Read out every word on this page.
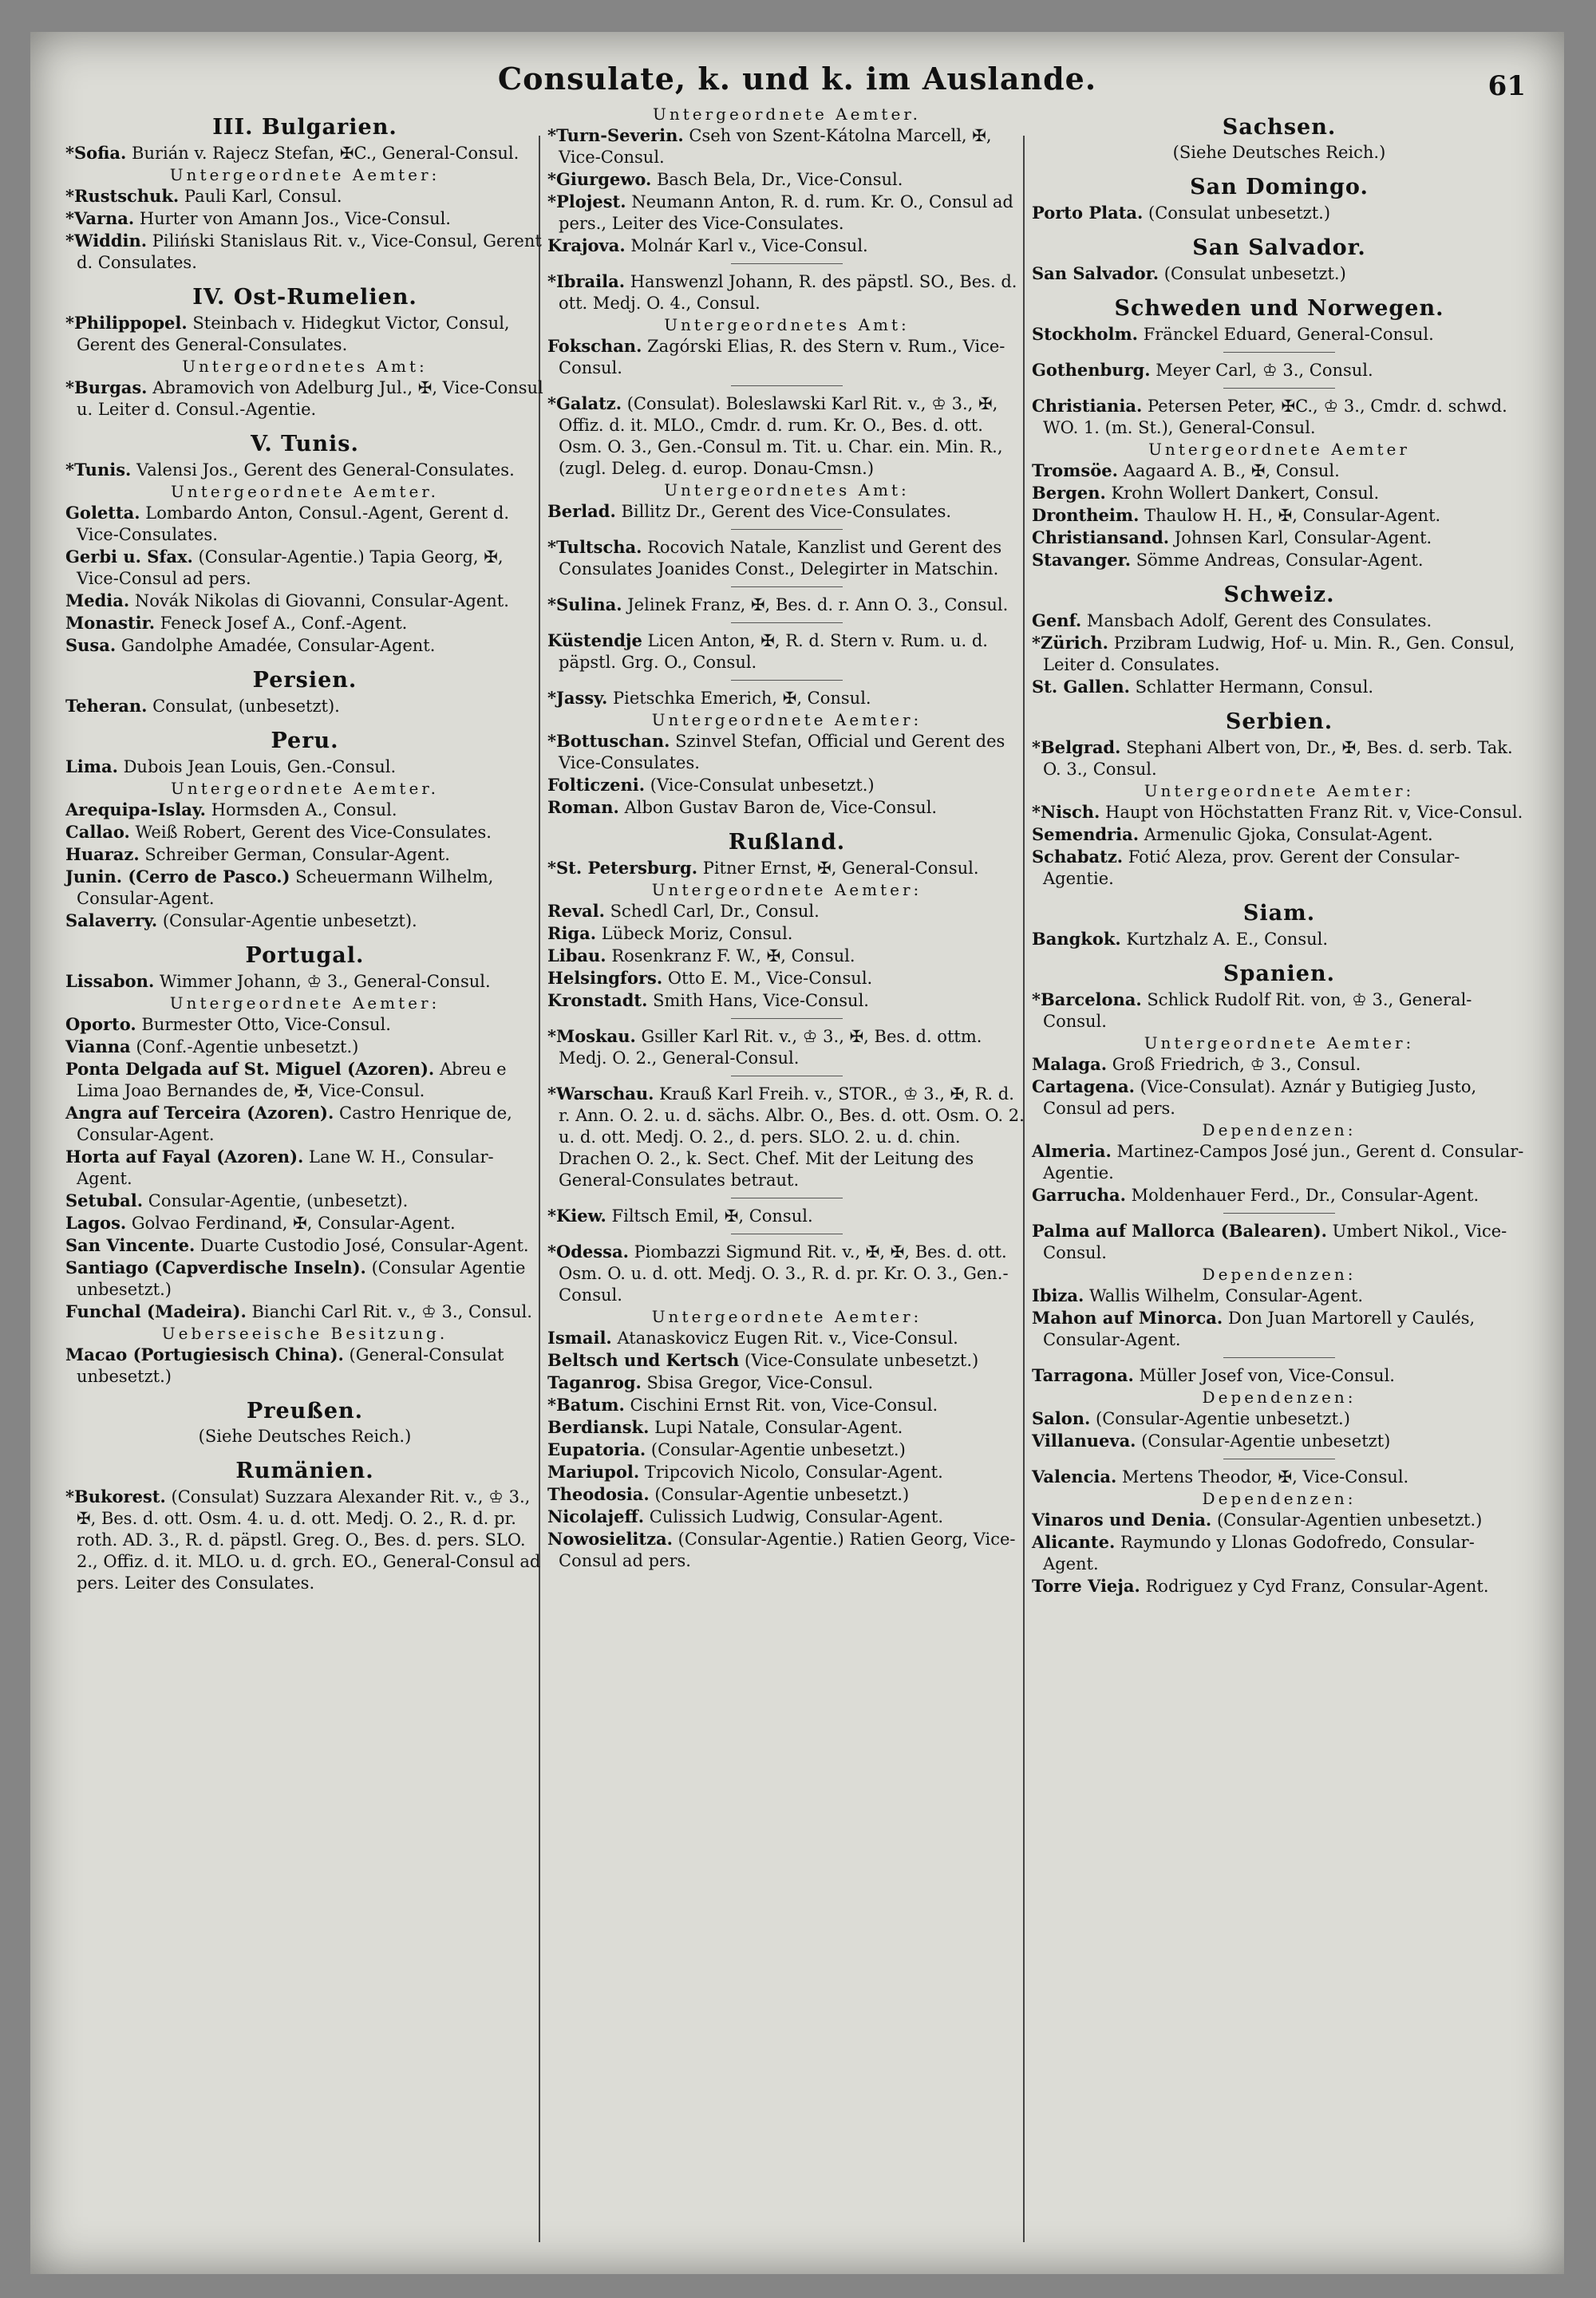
Consulate, k. und k. im Auslande.	61
III. Bulgarien.

*Sofia. Burián v. Rajecz Stefan, ✠C., General-Consul.

Untergeordnete Aemter:

*Rustschuk. Pauli Karl, Consul.

*Varna. Hurter von Amann Jos., Vice-Consul.

*Widdin. Piliński Stanislaus Rit. v., Vice-Consul, Gerent d. Consulates.

IV. Ost-Rumelien.

*Philippopel. Steinbach v. Hidegkut Victor, Consul, Gerent des General-Consulates.

Untergeordnetes Amt:

*Burgas. Abramovich von Adelburg Jul., ✠, Vice-Consul u. Leiter d. Consul.-Agentie.

V. Tunis.

*Tunis. Valensi Jos., Gerent des General-Consulates.

Untergeordnete Aemter.

Goletta. Lombardo Anton, Consul.-Agent, Gerent d. Vice-Consulates.

Gerbi u. Sfax. (Consular-Agentie.) Tapia Georg, ✠, Vice-Consul ad pers.

Media. Novák Nikolas di Giovanni, Consular-Agent.

Monastir. Feneck Josef A., Conf.-Agent.

Susa. Gandolphe Amadée, Consular-Agent.

Persien.

Teheran. Consulat, (unbesetzt).

Peru.

Lima. Dubois Jean Louis, Gen.-Consul.

Untergeordnete Aemter.

Arequipa-Islay. Hormsden A., Consul.

Callao. Weiß Robert, Gerent des Vice-Consulates.

Huaraz. Schreiber German, Consular-Agent.

Junin. (Cerro de Pasco.) Scheuermann Wilhelm, Consular-Agent.

Salaverry. (Consular-Agentie unbesetzt).

Portugal.

Lissabon. Wimmer Johann, ♔ 3., General-Consul.

Untergeordnete Aemter:

Oporto. Burmester Otto, Vice-Consul.

Vianna (Conf.-Agentie unbesetzt.)

Ponta Delgada auf St. Miguel (Azoren). Abreu e Lima Joao Bernandes de, ✠, Vice-Consul.

Angra auf Terceira (Azoren). Castro Henrique de, Consular-Agent.

Horta auf Fayal (Azoren). Lane W. H., Consular-Agent.

Setubal. Consular-Agentie, (unbesetzt).

Lagos. Golvao Ferdinand, ✠, Consular-Agent.

San Vincente. Duarte Custodio José, Consular-Agent.

Santiago (Capverdische Inseln). (Consular Agentie unbesetzt.)

Funchal (Madeira). Bianchi Carl Rit. v., ♔ 3., Consul.

Ueberseeische Besitzung.

Macao (Portugiesisch China). (General-Consulat unbesetzt.)

Preußen.
(Siehe Deutsches Reich.)
Rumänien.

*Bukorest. (Consulat) Suzzara Alexander Rit. v., ♔ 3., ✠, Bes. d. ott. Osm. 4. u. d. ott. Medj. O. 2., R. d. pr. roth. AD. 3., R. d. päpstl. Greg. O., Bes. d. pers. SLO. 2., Offiz. d. it. MLO. u. d. grch. EO., General-Consul ad pers. Leiter des Consulates.

Untergeordnete Aemter.

*Turn-Severin. Cseh von Szent-Kátolna Marcell, ✠, Vice-Consul.

*Giurgewo. Basch Bela, Dr., Vice-Consul.

*Plojest. Neumann Anton, R. d. rum. Kr. O., Consul ad pers., Leiter des Vice-Consulates.

Krajova. Molnár Karl v., Vice-Consul.

*Ibraila. Hanswenzl Johann, R. des päpstl. SO., Bes. d. ott. Medj. O. 4., Consul.

Untergeordnetes Amt:

Fokschan. Zagórski Elias, R. des Stern v. Rum., Vice-Consul.

*Galatz. (Consulat). Boleslawski Karl Rit. v., ♔ 3., ✠, Offiz. d. it. MLO., Cmdr. d. rum. Kr. O., Bes. d. ott. Osm. O. 3., Gen.-Consul m. Tit. u. Char. ein. Min. R., (zugl. Deleg. d. europ. Donau-Cmsn.)

Untergeordnetes Amt:

Berlad. Billitz Dr., Gerent des Vice-Consulates.

*Tultscha. Rocovich Natale, Kanzlist und Gerent des Consulates Joanides Const., Delegirter in Matschin.

*Sulina. Jelinek Franz, ✠, Bes. d. r. Ann O. 3., Consul.

Küstendje Licen Anton, ✠, R. d. Stern v. Rum. u. d. päpstl. Grg. O., Consul.

*Jassy. Pietschka Emerich, ✠, Consul.

Untergeordnete Aemter:

*Bottuschan. Szinvel Stefan, Official und Gerent des Vice-Consulates.

Folticzeni. (Vice-Consulat unbesetzt.)

Roman. Albon Gustav Baron de, Vice-Consul.

Rußland.

*St. Petersburg. Pitner Ernst, ✠, General-Consul.

Untergeordnete Aemter:

Reval. Schedl Carl, Dr., Consul.

Riga. Lübeck Moriz, Consul.

Libau. Rosenkranz F. W., ✠, Consul.

Helsingfors. Otto E. M., Vice-Consul.

Kronstadt. Smith Hans, Vice-Consul.

*Moskau. Gsiller Karl Rit. v., ♔ 3., ✠, Bes. d. ottm. Medj. O. 2., General-Consul.

*Warschau. Krauß Karl Freih. v., STOR., ♔ 3., ✠, R. d. r. Ann. O. 2. u. d. sächs. Albr. O., Bes. d. ott. Osm. O. 2. u. d. ott. Medj. O. 2., d. pers. SLO. 2. u. d. chin. Drachen O. 2., k. Sect. Chef. Mit der Leitung des General-Consulates betraut.

*Kiew. Filtsch Emil, ✠, Consul.

*Odessa. Piombazzi Sigmund Rit. v., ✠, ✠, Bes. d. ott. Osm. O. u. d. ott. Medj. O. 3., R. d. pr. Kr. O. 3., Gen.-Consul.

Untergeordnete Aemter:

Ismail. Atanaskovicz Eugen Rit. v., Vice-Consul.

Beltsch und Kertsch (Vice-Consulate unbesetzt.)

Taganrog. Sbisa Gregor, Vice-Consul.

*Batum. Cischini Ernst Rit. von, Vice-Consul.

Berdiansk. Lupi Natale, Consular-Agent.

Eupatoria. (Consular-Agentie unbesetzt.)

Mariupol. Tripcovich Nicolo, Consular-Agent.

Theodosia. (Consular-Agentie unbesetzt.)

Nicolajeff. Culissich Ludwig, Consular-Agent.

Nowosielitza. (Consular-Agentie.) Ratien Georg, Vice-Consul ad pers.

Sachsen.
(Siehe Deutsches Reich.)
San Domingo.

Porto Plata. (Consulat unbesetzt.)

San Salvador.

San Salvador. (Consulat unbesetzt.)

Schweden und Norwegen.

Stockholm. Fränckel Eduard, General-Consul.

Gothenburg. Meyer Carl, ♔ 3., Consul.

Christiania. Petersen Peter, ✠C., ♔ 3., Cmdr. d. schwd. WO. 1. (m. St.), General-Consul.

Untergeordnete Aemter

Tromsöe. Aagaard A. B., ✠, Consul.

Bergen. Krohn Wollert Dankert, Consul.

Drontheim. Thaulow H. H., ✠, Consular-Agent.

Christiansand. Johnsen Karl, Consular-Agent.

Stavanger. Sömme Andreas, Consular-Agent.

Schweiz.

Genf. Mansbach Adolf, Gerent des Consulates.

*Zürich. Przibram Ludwig, Hof- u. Min. R., Gen. Consul, Leiter d. Consulates.

St. Gallen. Schlatter Hermann, Consul.

Serbien.

*Belgrad. Stephani Albert von, Dr., ✠, Bes. d. serb. Tak. O. 3., Consul.

Untergeordnete Aemter:

*Nisch. Haupt von Höchstatten Franz Rit. v, Vice-Consul.

Semendria. Armenulic Gjoka, Consulat-Agent.

Schabatz. Fotić Aleza, prov. Gerent der Consular-Agentie.

Siam.

Bangkok. Kurtzhalz A. E., Consul.

Spanien.

*Barcelona. Schlick Rudolf Rit. von, ♔ 3., General-Consul.

Untergeordnete Aemter:

Malaga. Groß Friedrich, ♔ 3., Consul.

Cartagena. (Vice-Consulat). Aznár y Butigieg Justo, Consul ad pers.

Dependenzen:

Almeria. Martinez-Campos José jun., Gerent d. Consular-Agentie.

Garrucha. Moldenhauer Ferd., Dr., Consular-Agent.

Palma auf Mallorca (Balearen). Umbert Nikol., Vice-Consul.

Dependenzen:

Ibiza. Wallis Wilhelm, Consular-Agent.

Mahon auf Minorca. Don Juan Martorell y Caulés, Consular-Agent.

Tarragona. Müller Josef von, Vice-Consul.

Dependenzen:

Salon. (Consular-Agentie unbesetzt.)

Villanueva. (Consular-Agentie unbesetzt)

Valencia. Mertens Theodor, ✠, Vice-Consul.

Dependenzen:

Vinaros und Denia. (Consular-Agentien unbesetzt.)

Alicante. Raymundo y Llonas Godofredo, Consular-Agent.

Torre Vieja. Rodriguez y Cyd Franz, Consular-Agent.
